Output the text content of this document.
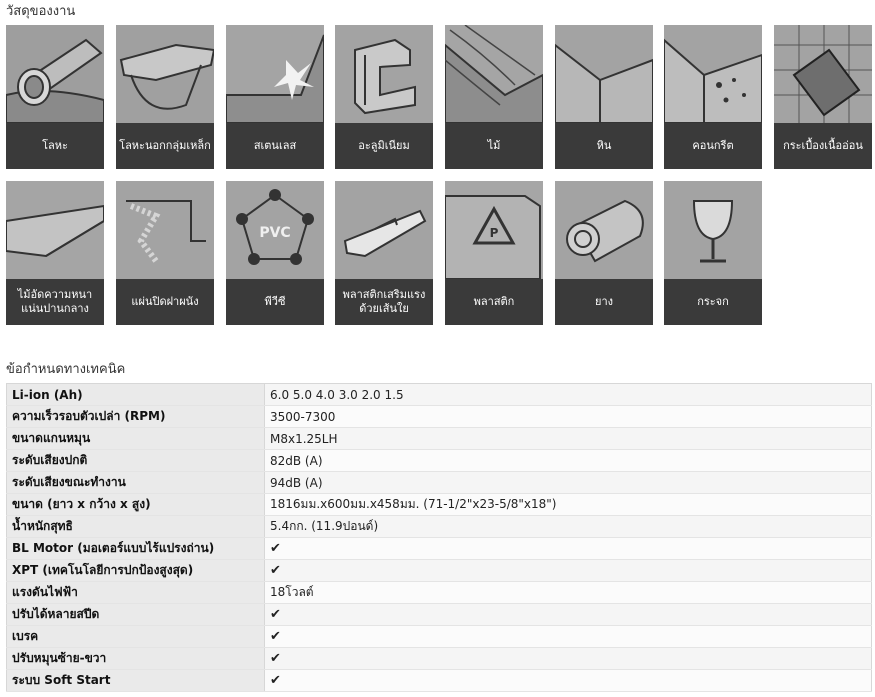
วัสดุของงาน
โลหะ	โลหะนอกกลุ่มเหล็ก	สเตนเลส	อะลูมิเนียม	ไม้	หิน	คอนกรีต	กระเบื้องเนื้ออ่อน
ไม้อัดความหนาแน่นปานกลาง
แผ่นปิดฝาผนัง
PVC
พีวีซี
พลาสติกเสริมแรงด้วยเส้นใย
P
พลาสติก	ยาง	กระจก
ข้อกำหนดทางเทคนิค
Li-ion (Ah)	6.0 5.0 4.0 3.0 2.0 1.5
ความเร็วรอบตัวเปล่า (RPM)	3500-7300
ขนาดแกนหมุน	M8x1.25LH
ระดับเสียงปกติ	82dB (A)
ระดับเสียงขณะทำงาน	94dB (A)
ขนาด (ยาว x กว้าง x สูง)	1816มม.x600มม.x458มม. (71-1/2"x23-5/8"x18")
น้ำหนักสุทธิ	5.4กก. (11.9ปอนด์)
BL Motor (มอเตอร์แบบไร้แปรงถ่าน)	✔
XPT (เทคโนโลยีการปกป้องสูงสุด)	✔
แรงดันไฟฟ้า	18โวลต์
ปรับได้หลายสปีด	✔
เบรค	✔
ปรับหมุนซ้าย-ขวา	✔
ระบบ Soft Start	✔
